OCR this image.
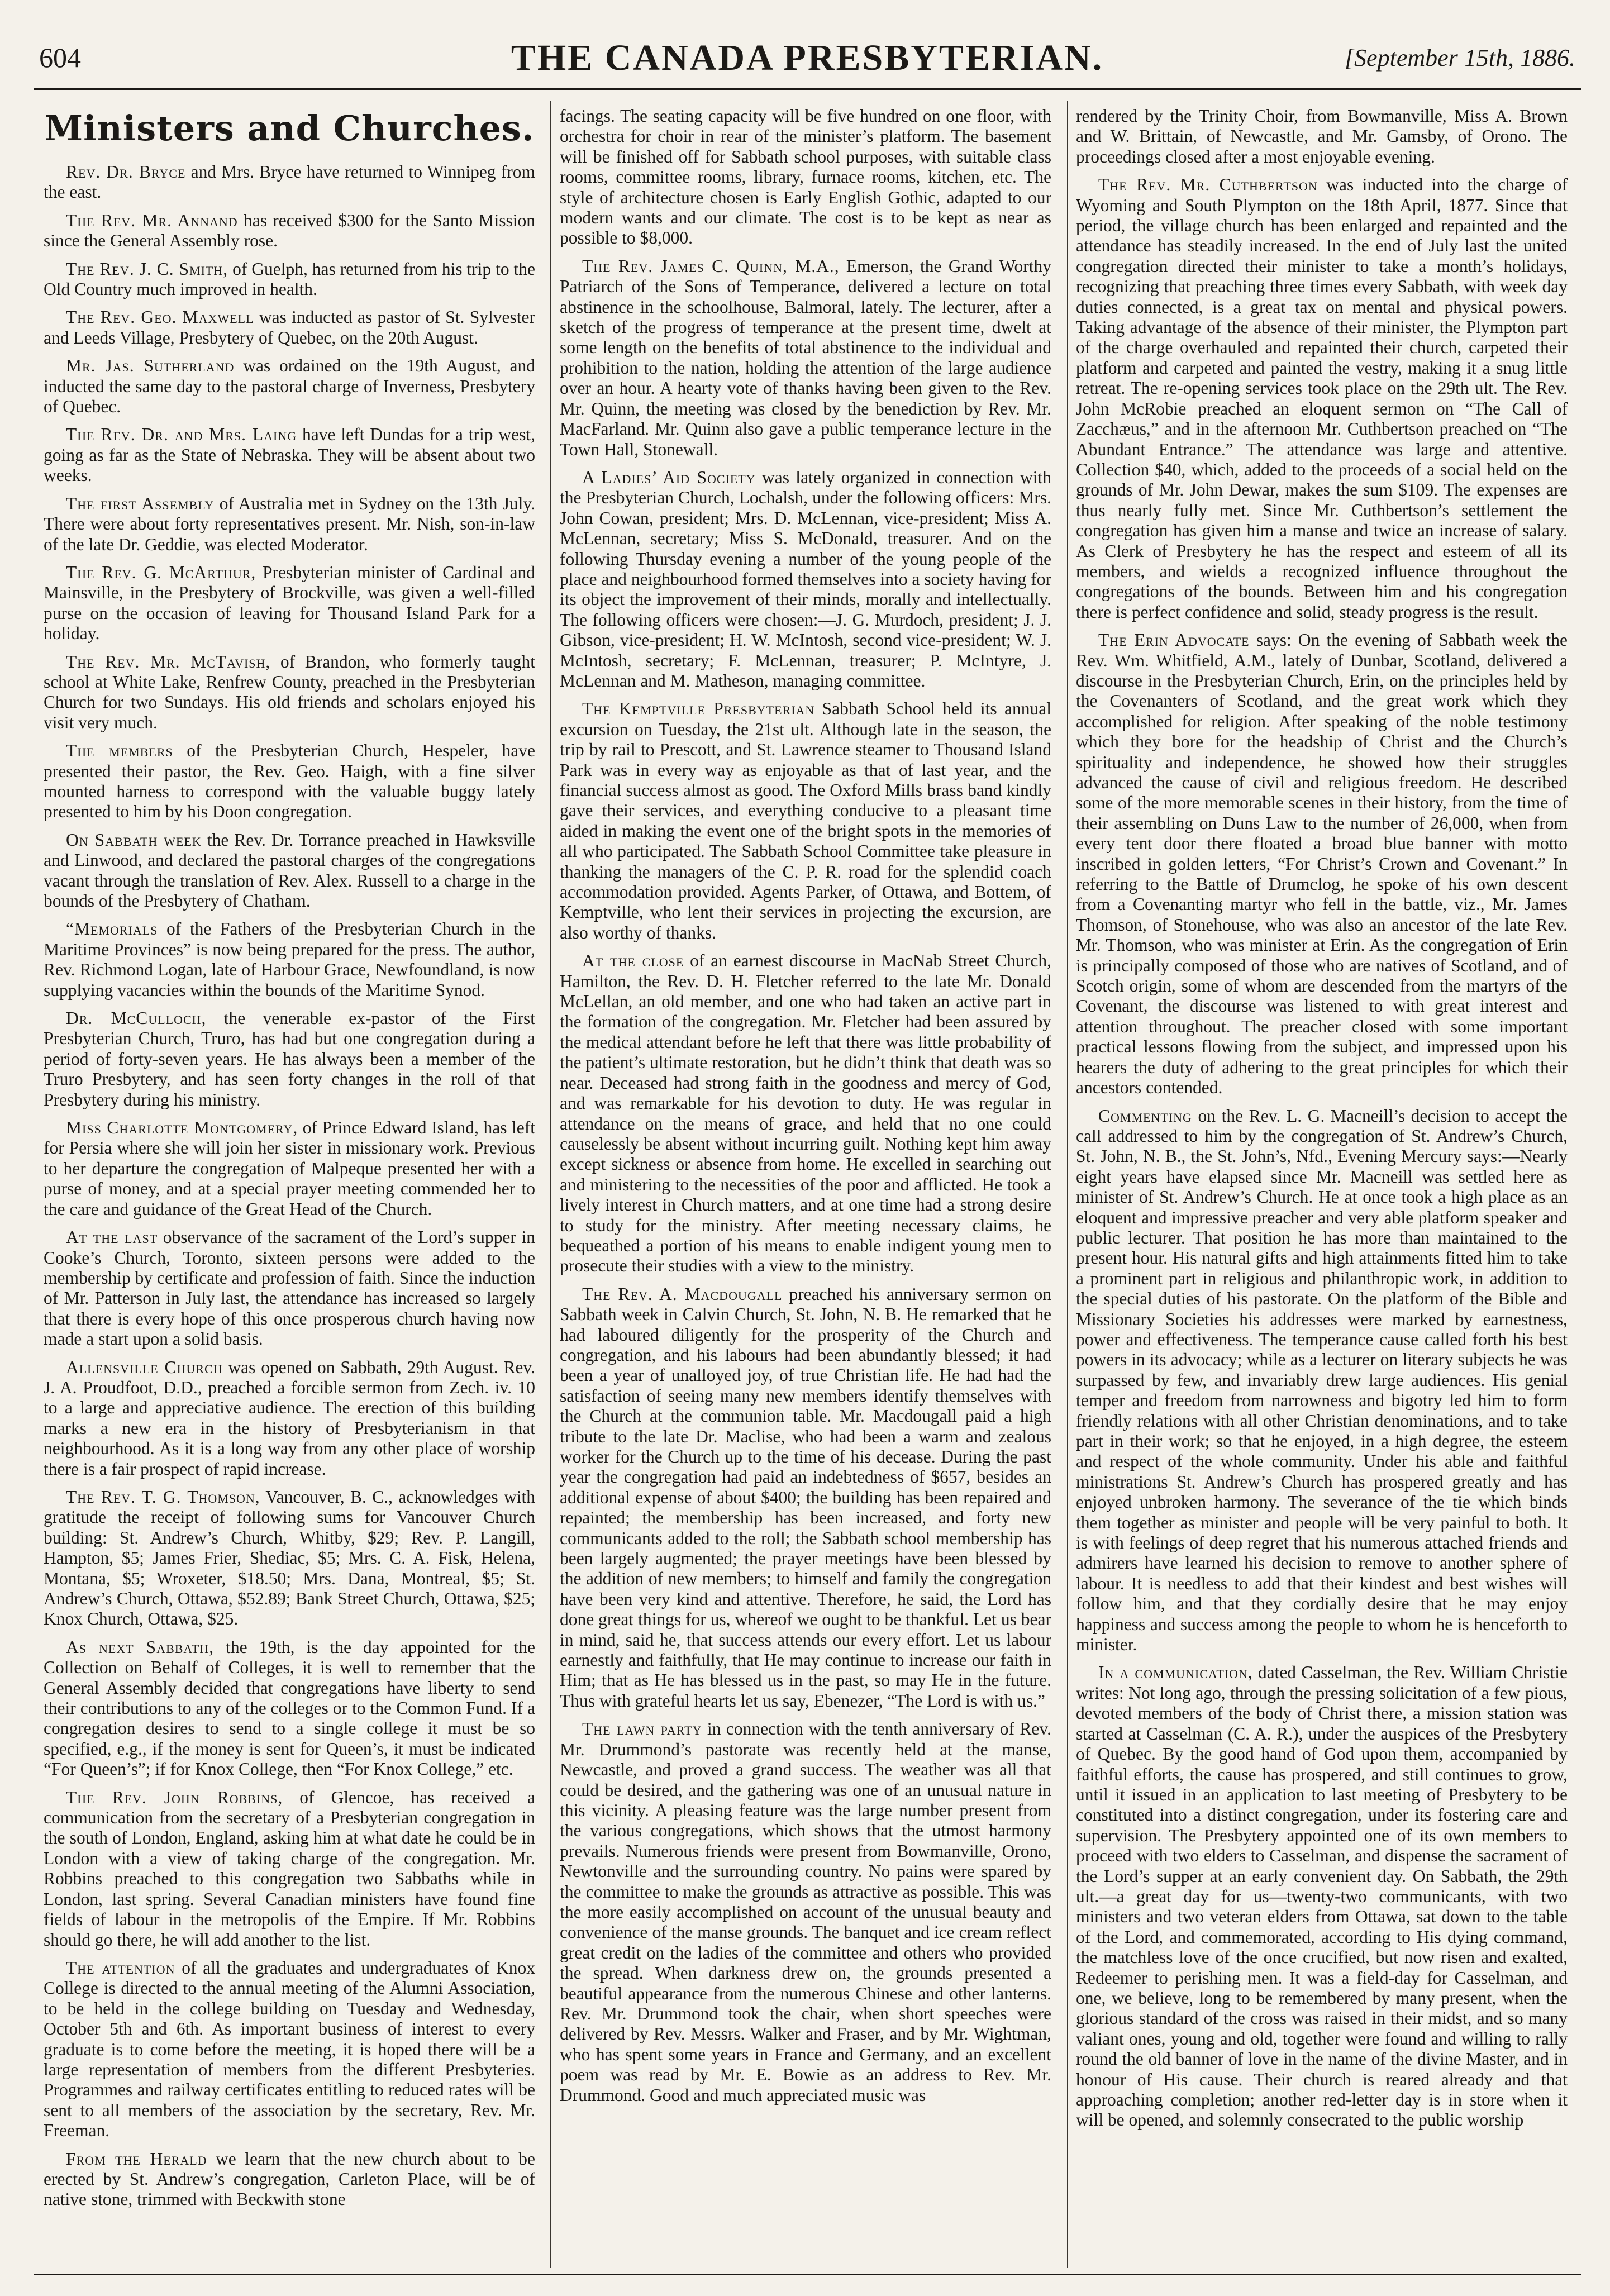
604	THE CANADA PRESBYTERIAN.	[September 15th, 1886.
Ministers and Churches.

Rev. Dr. Bryce and Mrs. Bryce have returned to Winnipeg from the east.

The Rev. Mr. Annand has received $300 for the Santo Mission since the General Assembly rose.

The Rev. J. C. Smith, of Guelph, has returned from his trip to the Old Country much improved in health.

The Rev. Geo. Maxwell was inducted as pastor of St. Sylvester and Leeds Village, Presbytery of Quebec, on the 20th August.

Mr. Jas. Sutherland was ordained on the 19th August, and inducted the same day to the pastoral charge of Inverness, Presbytery of Quebec.

The Rev. Dr. and Mrs. Laing have left Dundas for a trip west, going as far as the State of Nebraska. They will be absent about two weeks.

The first Assembly of Australia met in Sydney on the 13th July. There were about forty representatives present. Mr. Nish, son-in-law of the late Dr. Geddie, was elected Moderator.

The Rev. G. McArthur, Presbyterian minister of Cardinal and Mainsville, in the Presbytery of Brockville, was given a well-filled purse on the occasion of leaving for Thousand Island Park for a holiday.

The Rev. Mr. McTavish, of Brandon, who formerly taught school at White Lake, Renfrew County, preached in the Presbyterian Church for two Sundays. His old friends and scholars enjoyed his visit very much.

The members of the Presbyterian Church, Hespeler, have presented their pastor, the Rev. Geo. Haigh, with a fine silver mounted harness to correspond with the valuable buggy lately presented to him by his Doon congregation.

On Sabbath week the Rev. Dr. Torrance preached in Hawksville and Linwood, and declared the pastoral charges of the congregations vacant through the translation of Rev. Alex. Russell to a charge in the bounds of the Presbytery of Chatham.

“Memorials of the Fathers of the Presbyterian Church in the Maritime Provinces” is now being prepared for the press. The author, Rev. Richmond Logan, late of Harbour Grace, Newfoundland, is now supplying vacancies within the bounds of the Maritime Synod.

Dr. McCulloch, the venerable ex-pastor of the First Presbyterian Church, Truro, has had but one congregation during a period of forty-seven years. He has always been a member of the Truro Presbytery, and has seen forty changes in the roll of that Presbytery during his ministry.

Miss Charlotte Montgomery, of Prince Edward Island, has left for Persia where she will join her sister in missionary work. Previous to her departure the congregation of Malpeque presented her with a purse of money, and at a special prayer meeting commended her to the care and guidance of the Great Head of the Church.

At the last observance of the sacrament of the Lord’s supper in Cooke’s Church, Toronto, sixteen persons were added to the membership by certificate and profession of faith. Since the induction of Mr. Patterson in July last, the attendance has increased so largely that there is every hope of this once prosperous church having now made a start upon a solid basis.

Allensville Church was opened on Sabbath, 29th August. Rev. J. A. Proudfoot, D.D., preached a forcible sermon from Zech. iv. 10 to a large and appreciative audience. The erection of this building marks a new era in the history of Presbyterianism in that neighbourhood. As it is a long way from any other place of worship there is a fair prospect of rapid increase.

The Rev. T. G. Thomson, Vancouver, B. C., acknowledges with gratitude the receipt of following sums for Vancouver Church building: St. Andrew’s Church, Whitby, $29; Rev. P. Langill, Hampton, $5; James Frier, Shediac, $5; Mrs. C. A. Fisk, Helena, Montana, $5; Wroxeter, $18.50; Mrs. Dana, Montreal, $5; St. Andrew’s Church, Ottawa, $52.89; Bank Street Church, Ottawa, $25; Knox Church, Ottawa, $25.

As next Sabbath, the 19th, is the day appointed for the Collection on Behalf of Colleges, it is well to remember that the General Assembly decided that congregations have liberty to send their contributions to any of the colleges or to the Common Fund. If a congregation desires to send to a single college it must be so specified, e.g., if the money is sent for Queen’s, it must be indicated “For Queen’s”; if for Knox College, then “For Knox College,” etc.

The Rev. John Robbins, of Glencoe, has received a communication from the secretary of a Presbyterian congregation in the south of London, England, asking him at what date he could be in London with a view of taking charge of the congregation. Mr. Robbins preached to this congregation two Sabbaths while in London, last spring. Several Canadian ministers have found fine fields of labour in the metropolis of the Empire. If Mr. Robbins should go there, he will add another to the list.

The attention of all the graduates and undergraduates of Knox College is directed to the annual meeting of the Alumni Association, to be held in the college building on Tuesday and Wednesday, October 5th and 6th. As important business of interest to every graduate is to come before the meeting, it is hoped there will be a large representation of members from the different Presbyteries. Programmes and railway certificates entitling to reduced rates will be sent to all members of the association by the secretary, Rev. Mr. Freeman.

From the Herald we learn that the new church about to be erected by St. Andrew’s congregation, Carleton Place, will be of native stone, trimmed with Beckwith stone

facings. The seating capacity will be five hundred on one floor, with orchestra for choir in rear of the minister’s platform. The basement will be finished off for Sabbath school purposes, with suitable class rooms, committee rooms, library, furnace rooms, kitchen, etc. The style of architecture chosen is Early English Gothic, adapted to our modern wants and our climate. The cost is to be kept as near as possible to $8,000.

The Rev. James C. Quinn, M.A., Emerson, the Grand Worthy Patriarch of the Sons of Temperance, delivered a lecture on total abstinence in the schoolhouse, Balmoral, lately. The lecturer, after a sketch of the progress of temperance at the present time, dwelt at some length on the benefits of total abstinence to the individual and prohibition to the nation, holding the attention of the large audience over an hour. A hearty vote of thanks having been given to the Rev. Mr. Quinn, the meeting was closed by the benediction by Rev. Mr. MacFarland. Mr. Quinn also gave a public temperance lecture in the Town Hall, Stonewall.

A Ladies’ Aid Society was lately organized in connection with the Presbyterian Church, Lochalsh, under the following officers: Mrs. John Cowan, president; Mrs. D. McLennan, vice-president; Miss A. McLennan, secretary; Miss S. McDonald, treasurer. And on the following Thursday evening a number of the young people of the place and neighbourhood formed themselves into a society having for its object the improvement of their minds, morally and intellectually. The following officers were chosen:—J. G. Murdoch, president; J. J. Gibson, vice-president; H. W. McIntosh, second vice-president; W. J. McIntosh, secretary; F. McLennan, treasurer; P. McIntyre, J. McLennan and M. Matheson, managing committee.

The Kemptville Presbyterian Sabbath School held its annual excursion on Tuesday, the 21st ult. Although late in the season, the trip by rail to Prescott, and St. Lawrence steamer to Thousand Island Park was in every way as enjoyable as that of last year, and the financial success almost as good. The Oxford Mills brass band kindly gave their services, and everything conducive to a pleasant time aided in making the event one of the bright spots in the memories of all who participated. The Sabbath School Committee take pleasure in thanking the managers of the C. P. R. road for the splendid coach accommodation provided. Agents Parker, of Ottawa, and Bottem, of Kemptville, who lent their services in projecting the excursion, are also worthy of thanks.

At the close of an earnest discourse in MacNab Street Church, Hamilton, the Rev. D. H. Fletcher referred to the late Mr. Donald McLellan, an old member, and one who had taken an active part in the formation of the congregation. Mr. Fletcher had been assured by the medical attendant before he left that there was little probability of the patient’s ultimate restoration, but he didn’t think that death was so near. Deceased had strong faith in the goodness and mercy of God, and was remarkable for his devotion to duty. He was regular in attendance on the means of grace, and held that no one could causelessly be absent without incurring guilt. Nothing kept him away except sickness or absence from home. He excelled in searching out and ministering to the necessities of the poor and afflicted. He took a lively interest in Church matters, and at one time had a strong desire to study for the ministry. After meeting necessary claims, he bequeathed a portion of his means to enable indigent young men to prosecute their studies with a view to the ministry.

The Rev. A. Macdougall preached his anniversary sermon on Sabbath week in Calvin Church, St. John, N. B. He remarked that he had laboured diligently for the prosperity of the Church and congregation, and his labours had been abundantly blessed; it had been a year of unalloyed joy, of true Christian life. He had had the satisfaction of seeing many new members identify themselves with the Church at the communion table. Mr. Macdougall paid a high tribute to the late Dr. Maclise, who had been a warm and zealous worker for the Church up to the time of his decease. During the past year the congregation had paid an indebtedness of $657, besides an additional expense of about $400; the building has been repaired and repainted; the membership has been increased, and forty new communicants added to the roll; the Sabbath school membership has been largely augmented; the prayer meetings have been blessed by the addition of new members; to himself and family the congregation have been very kind and attentive. Therefore, he said, the Lord has done great things for us, whereof we ought to be thankful. Let us bear in mind, said he, that success attends our every effort. Let us labour earnestly and faithfully, that He may continue to increase our faith in Him; that as He has blessed us in the past, so may He in the future. Thus with grateful hearts let us say, Ebenezer, “The Lord is with us.”

The lawn party in connection with the tenth anniversary of Rev. Mr. Drummond’s pastorate was recently held at the manse, Newcastle, and proved a grand success. The weather was all that could be desired, and the gathering was one of an unusual nature in this vicinity. A pleasing feature was the large number present from the various congregations, which shows that the utmost harmony prevails. Numerous friends were present from Bowmanville, Orono, Newtonville and the surrounding country. No pains were spared by the committee to make the grounds as attractive as possible. This was the more easily accomplished on account of the unusual beauty and convenience of the manse grounds. The banquet and ice cream reflect great credit on the ladies of the committee and others who provided the spread. When darkness drew on, the grounds presented a beautiful appearance from the numerous Chinese and other lanterns. Rev. Mr. Drummond took the chair, when short speeches were delivered by Rev. Messrs. Walker and Fraser, and by Mr. Wightman, who has spent some years in France and Germany, and an excellent poem was read by Mr. E. Bowie as an address to Rev. Mr. Drummond. Good and much appreciated music was

rendered by the Trinity Choir, from Bowmanville, Miss A. Brown and W. Brittain, of Newcastle, and Mr. Gamsby, of Orono. The proceedings closed after a most enjoyable evening.

The Rev. Mr. Cuthbertson was inducted into the charge of Wyoming and South Plympton on the 18th April, 1877. Since that period, the village church has been enlarged and repainted and the attendance has steadily increased. In the end of July last the united congregation directed their minister to take a month’s holidays, recognizing that preaching three times every Sabbath, with week day duties connected, is a great tax on mental and physical powers. Taking advantage of the absence of their minister, the Plympton part of the charge overhauled and repainted their church, carpeted their platform and carpeted and painted the vestry, making it a snug little retreat. The re-opening services took place on the 29th ult. The Rev. John McRobie preached an eloquent sermon on “The Call of Zacchæus,” and in the afternoon Mr. Cuthbertson preached on “The Abundant Entrance.” The attendance was large and attentive. Collection $40, which, added to the proceeds of a social held on the grounds of Mr. John Dewar, makes the sum $109. The expenses are thus nearly fully met. Since Mr. Cuthbertson’s settlement the congregation has given him a manse and twice an increase of salary. As Clerk of Presbytery he has the respect and esteem of all its members, and wields a recognized influence throughout the congregations of the bounds. Between him and his congregation there is perfect confidence and solid, steady progress is the result.

The Erin Advocate says: On the evening of Sabbath week the Rev. Wm. Whitfield, A.M., lately of Dunbar, Scotland, delivered a discourse in the Presbyterian Church, Erin, on the principles held by the Covenanters of Scotland, and the great work which they accomplished for religion. After speaking of the noble testimony which they bore for the headship of Christ and the Church’s spirituality and independence, he showed how their struggles advanced the cause of civil and religious freedom. He described some of the more memorable scenes in their history, from the time of their assembling on Duns Law to the number of 26,000, when from every tent door there floated a broad blue banner with motto inscribed in golden letters, “For Christ’s Crown and Covenant.” In referring to the Battle of Drumclog, he spoke of his own descent from a Covenanting martyr who fell in the battle, viz., Mr. James Thomson, of Stonehouse, who was also an ancestor of the late Rev. Mr. Thomson, who was minister at Erin. As the congregation of Erin is principally composed of those who are natives of Scotland, and of Scotch origin, some of whom are descended from the martyrs of the Covenant, the discourse was listened to with great interest and attention throughout. The preacher closed with some important practical lessons flowing from the subject, and impressed upon his hearers the duty of adhering to the great principles for which their ancestors contended.

Commenting on the Rev. L. G. Macneill’s decision to accept the call addressed to him by the congregation of St. Andrew’s Church, St. John, N. B., the St. John’s, Nfd., Evening Mercury says:—Nearly eight years have elapsed since Mr. Macneill was settled here as minister of St. Andrew’s Church. He at once took a high place as an eloquent and impressive preacher and very able platform speaker and public lecturer. That position he has more than maintained to the present hour. His natural gifts and high attainments fitted him to take a prominent part in religious and philanthropic work, in addition to the special duties of his pastorate. On the platform of the Bible and Missionary Societies his addresses were marked by earnestness, power and effectiveness. The temperance cause called forth his best powers in its advocacy; while as a lecturer on literary subjects he was surpassed by few, and invariably drew large audiences. His genial temper and freedom from narrowness and bigotry led him to form friendly relations with all other Christian denominations, and to take part in their work; so that he enjoyed, in a high degree, the esteem and respect of the whole community. Under his able and faithful ministrations St. Andrew’s Church has prospered greatly and has enjoyed unbroken harmony. The severance of the tie which binds them together as minister and people will be very painful to both. It is with feelings of deep regret that his numerous attached friends and admirers have learned his decision to remove to another sphere of labour. It is needless to add that their kindest and best wishes will follow him, and that they cordially desire that he may enjoy happiness and success among the people to whom he is henceforth to minister.

In a communication, dated Casselman, the Rev. William Christie writes: Not long ago, through the pressing solicitation of a few pious, devoted members of the body of Christ there, a mission station was started at Casselman (C. A. R.), under the auspices of the Presbytery of Quebec. By the good hand of God upon them, accompanied by faithful efforts, the cause has prospered, and still continues to grow, until it issued in an application to last meeting of Presbytery to be constituted into a distinct congregation, under its fostering care and supervision. The Presbytery appointed one of its own members to proceed with two elders to Casselman, and dispense the sacrament of the Lord’s supper at an early convenient day. On Sabbath, the 29th ult.—a great day for us—twenty-two communicants, with two ministers and two veteran elders from Ottawa, sat down to the table of the Lord, and commemorated, according to His dying command, the matchless love of the once crucified, but now risen and exalted, Redeemer to perishing men. It was a field-day for Casselman, and one, we believe, long to be remembered by many present, when the glorious standard of the cross was raised in their midst, and so many valiant ones, young and old, together were found and willing to rally round the old banner of love in the name of the divine Master, and in honour of His cause. Their church is reared already and that approaching completion; another red-letter day is in store when it will be opened, and solemnly consecrated to the public worship
